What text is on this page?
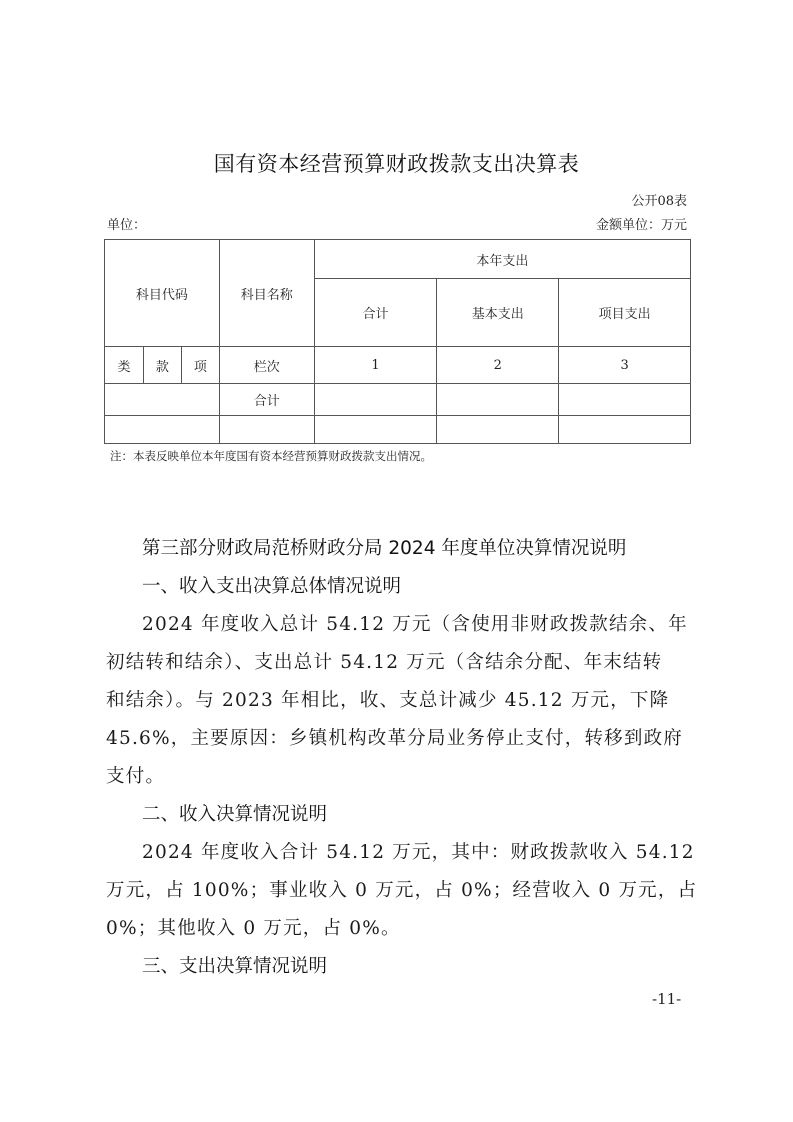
国有资本经营预算财政拨款支出决算表
公开08表
单位：	金额单位：万元
科目代码			科目名称	本年支出		
				合计	基本支出	项目支出
类	款	项	栏次	1	2	3
			合计			

注：本表反映单位本年度国有资本经营预算财政拨款支出情况。
第三部分财政局范桥财政分局 2024 年度单位决算情况说明
一、收入支出决算总体情况说明
2024 年度收入总计 54.12 万元（含使用非财政拨款结余、年
初结转和结余）、支出总计 54.12 万元（含结余分配、年末结转
和结余）。与 2023 年相比，收、支总计减少 45.12 万元，下降
45.6%，主要原因：乡镇机构改革分局业务停止支付，转移到政府
支付。
二、收入决算情况说明
2024 年度收入合计 54.12 万元，其中：财政拨款收入 54.12
万元，占 100%；事业收入 0 万元，占 0%；经营收入 0 万元，占
0%；其他收入 0 万元，占 0%。
三、支出决算情况说明
-11-
